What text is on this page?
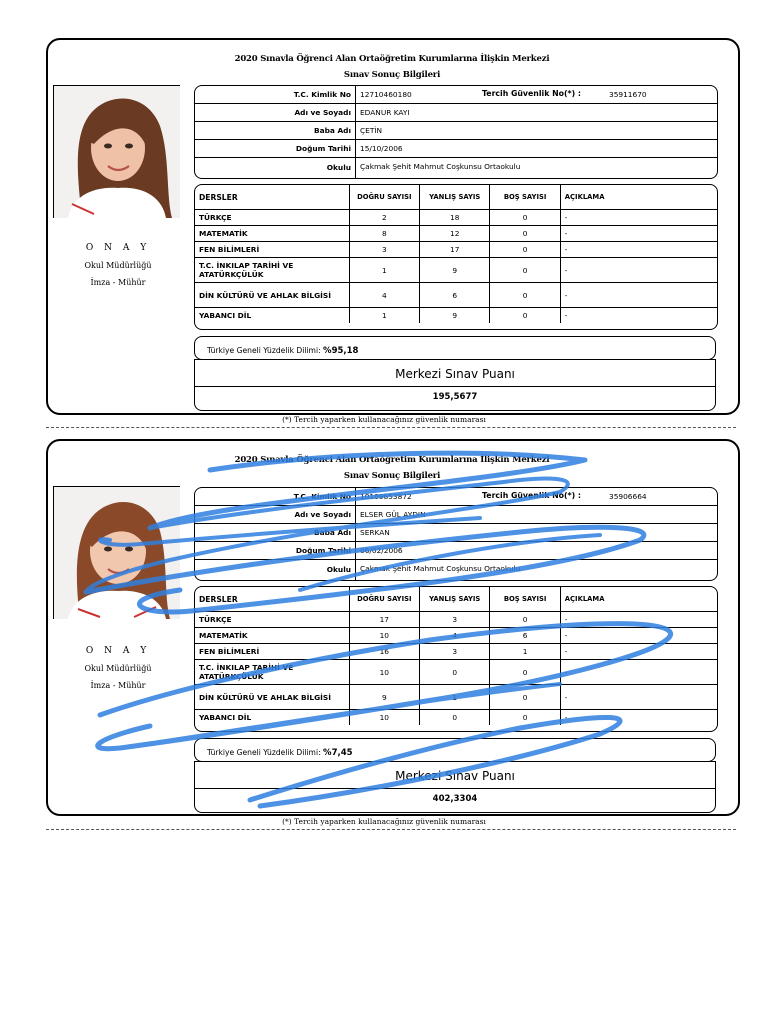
2020 Sınavla Öğrenci Alan Ortaöğretim Kurumlarına İlişkin Merkezi
Sınav Sonuç Bilgileri
O N A Y
Okul Müdürlüğü
İmza - Mühür
T.C. Kimlik No 12710460180	Tercih Güvenlik No(*) :	35911670
Adı ve Soyadı EDANUR KAYI
Baba Adı ÇETİN
Doğum Tarihi 15/10/2006
Okulu Çakmak Şehit Mahmut Coşkunsu Ortaokulu
DERSLER	DOĞRU SAYISI	YANLIŞ SAYIS	BOŞ SAYISI	AÇIKLAMA
TÜRKÇE	2	18	0	-
MATEMATİK	8	12	0	-
FEN BİLİMLERİ	3	17	0	-
T.C. İNKILAP TARİHİ VE ATATÜRKÇÜLÜK	1	9	0	-
DİN KÜLTÜRÜ VE AHLAK BİLGİSİ	4	6	0	-
YABANCI DİL	1	9	0	-
Türkiye Geneli Yüzdelik Dilimi: %95,18
Merkezi Sınav Puanı
195,5677
(*) Tercih yaparken kullanacağınız güvenlik numarası
2020 Sınavla Öğrenci Alan Ortaöğretim Kurumlarına İlişkin Merkezi
Sınav Sonuç Bilgileri
O N A Y
Okul Müdürlüğü
İmza - Mühür
T.C. Kimlik No 10109853872	Tercih Güvenlik No(*) :	35906664
Adı ve Soyadı ELSER GÜL AYDIN
Baba Adı SERKAN
Doğum Tarihi 06/02/2006
Okulu Çakmak Şehit Mahmut Coşkunsu Ortaokulu
DERSLER	DOĞRU SAYISI	YANLIŞ SAYIS	BOŞ SAYISI	AÇIKLAMA
TÜRKÇE	17	3	0	-
MATEMATİK	10	4	6	-
FEN BİLİMLERİ	16	3	1	-
T.C. İNKILAP TARİHİ VE ATATÜRKÇÜLÜK	10	0	0	-
DİN KÜLTÜRÜ VE AHLAK BİLGİSİ	9	1	0	-
YABANCI DİL	10	0	0	-
Türkiye Geneli Yüzdelik Dilimi: %7,45
Merkezi Sınav Puanı
402,3304
(*) Tercih yaparken kullanacağınız güvenlik numarası
